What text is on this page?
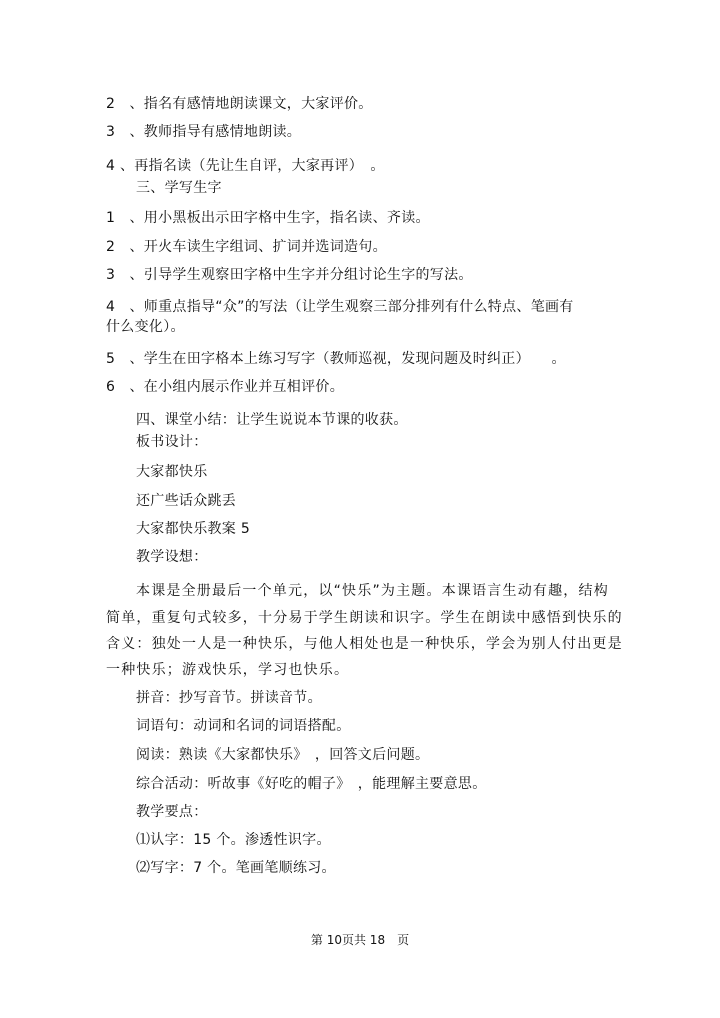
2　、指名有感情地朗读课文，大家评价。
3　、教师指导有感情地朗读。
4 、再指名读（先让生自评，大家再评）　。
三、学写生字
1　、用小黑板出示田字格中生字，指名读、齐读。
2　、开火车读生字组词、扩词并选词造句。
3　、引导学生观察田字格中生字并分组讨论生字的写法。
4　、师重点指导“众”的写法（让学生观察三部分排列有什么特点、笔画有
什么变化）。
5　、学生在田字格本上练习写字（教师巡视，发现问题及时纠正）　　。
6　、在小组内展示作业并互相评价。
四、课堂小结：让学生说说本节课的收获。
板书设计：
大家都快乐
还广些话众跳丢
大家都快乐教案 5
教学设想：
本课是全册最后一个单元，以“快乐”为主题。本课语言生动有趣，结构
简单，重复句式较多，十分易于学生朗读和识字。学生在朗读中感悟到快乐的
含义：独处一人是一种快乐，与他人相处也是一种快乐，学会为别人付出更是
一种快乐；游戏快乐，学习也快乐。
拼音：抄写音节。拼读音节。
词语句：动词和名词的词语搭配。
阅读：熟读《大家都快乐》　，回答文后问题。
综合活动：听故事《好吃的帽子》　，能理解主要意思。
教学要点：
⑴认字：15 个。渗透性识字。
⑵写字：7 个。笔画笔顺练习。
第 10页共 18　页
